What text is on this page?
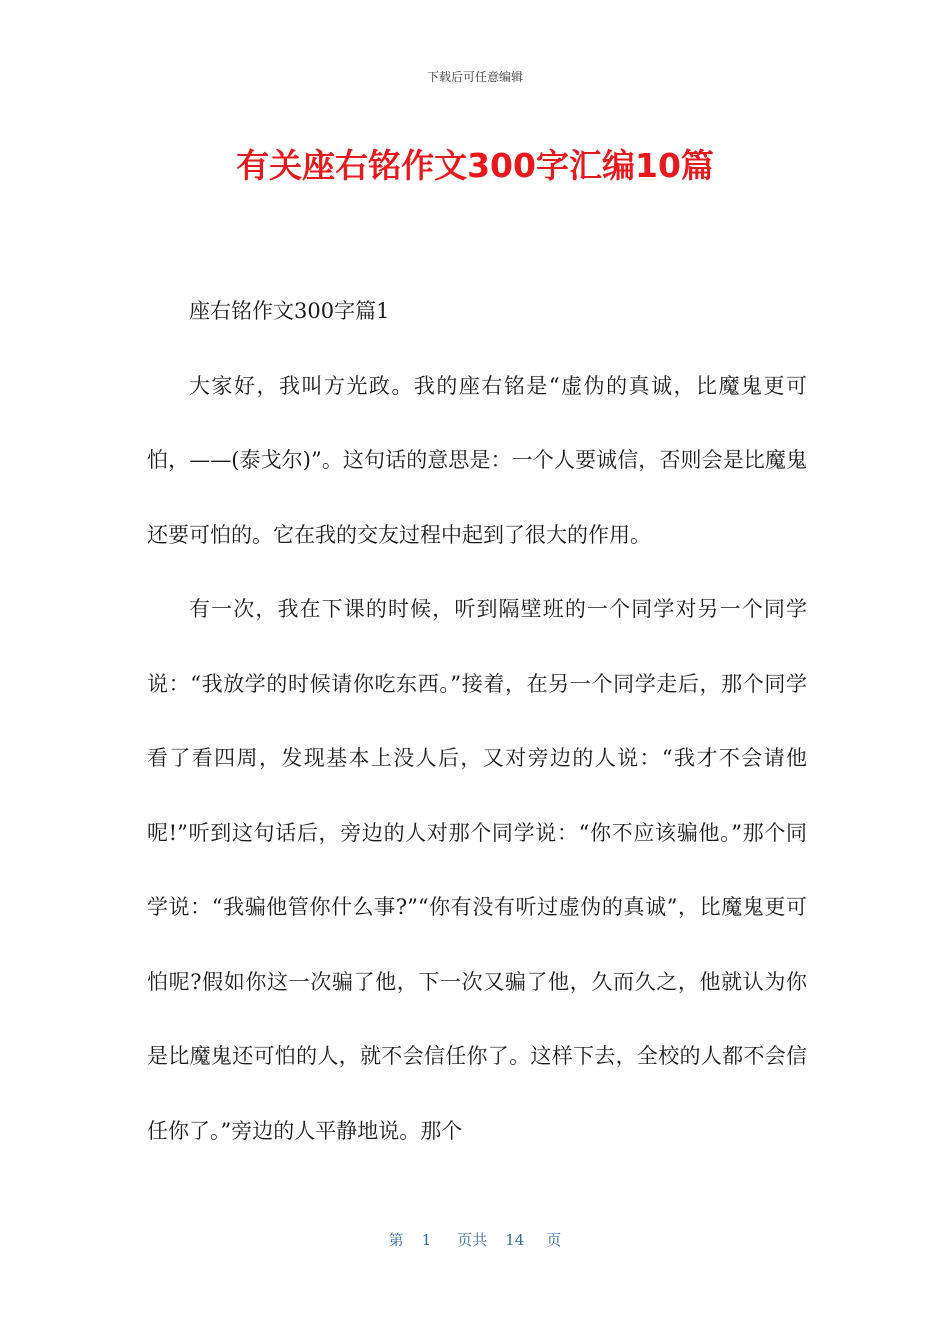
下载后可任意编辑
有关座右铭作文300字汇编10篇

座右铭作文300字篇1

大家好，我叫方光政。我的座右铭是“虚伪的真诚，比魔鬼更可怕，——(泰戈尔)”。这句话的意思是：一个人要诚信，否则会是比魔鬼还要可怕的。它在我的交友过程中起到了很大的作用。

有一次，我在下课的时候，听到隔壁班的一个同学对另一个同学说：“我放学的时候请你吃东西。”接着，在另一个同学走后，那个同学看了看四周，发现基本上没人后，又对旁边的人说：“我才不会请他呢!”听到这句话后，旁边的人对那个同学说：“你不应该骗他。”那个同学说：“我骗他管你什么事?”“你有没有听过虚伪的真诚”，比魔鬼更可怕呢?假如你这一次骗了他，下一次又骗了他，久而久之，他就认为你是比魔鬼还可怕的人，就不会信任你了。这样下去，全校的人都不会信任你了。”旁边的人平静地说。那个

第 1 页共 14 页
